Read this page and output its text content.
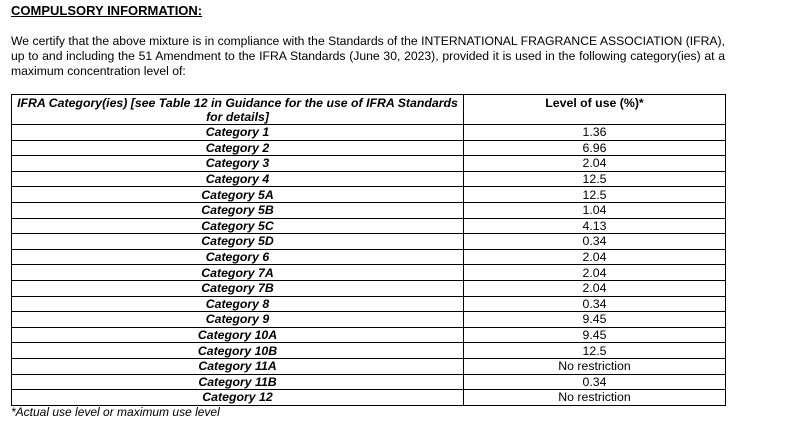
COMPULSORY INFORMATION:
We certify that the above mixture is in compliance with the Standards of the INTERNATIONAL FRAGRANCE ASSOCIATION (IFRA), up to and including the 51 Amendment to the IFRA Standards (June 30, 2023), provided it is used in the following category(ies) at a maximum concentration level of:
IFRA Category(ies) [see Table 12 in Guidance for the use of IFRA Standards for details]	Level of use (%)*
Category 1	1.36
Category 2	6.96
Category 3	2.04
Category 4	12.5
Category 5A	12.5
Category 5B	1.04
Category 5C	4.13
Category 5D	0.34
Category 6	2.04
Category 7A	2.04
Category 7B	2.04
Category 8	0.34
Category 9	9.45
Category 10A	9.45
Category 10B	12.5
Category 11A	No restriction
Category 11B	0.34
Category 12	No restriction
*Actual use level or maximum use level
